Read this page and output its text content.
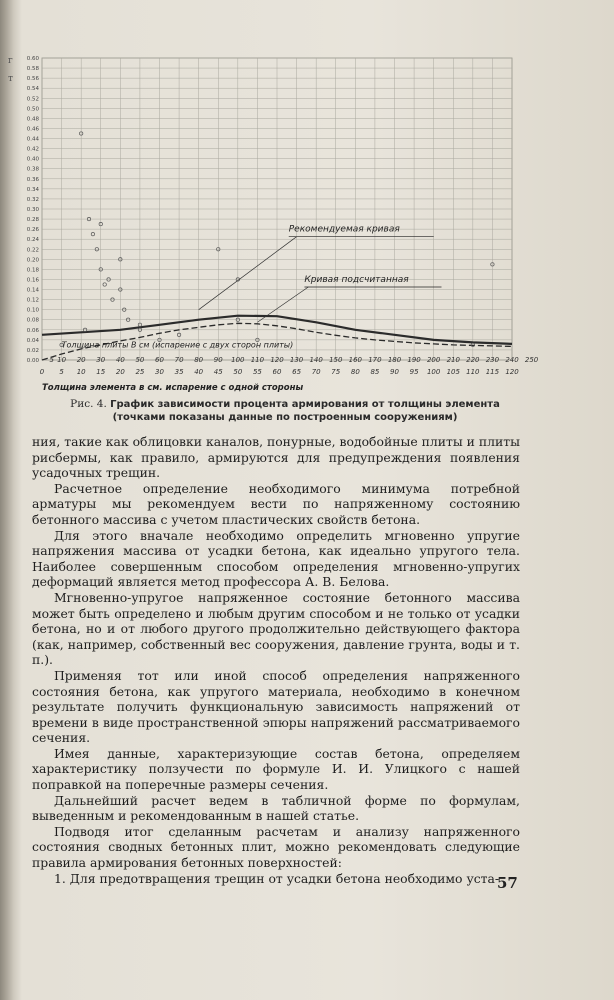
г
т
0.60
0.58
0.56
0.54
0.52
0.50
0.48
0.46
0.44
0.42
0.40
0.38
0.36
0.34
0.32
0.30
0.28
0.26
0.24
0.22
0.20
0.18
0.16
0.14
0.12
0.10
0.08
0.06
0.04
0.02
0.00
0 5 10 15 20 25 30 35 40 45 50 55 60 65 70 75 80 85 90 95 100 105 110 115 120
5 10 20 30 40 50 60 70 80 90 100 110 120 130 140 150 160 170 180 190 200 210 220 230 240 250
Рекомендуемая кривая
Кривая подсчитанная
Толщина плиты В см (испарение с двух сторон плиты)
Толщина элемента в см. испарение с одной стороны
Рис. 4. График зависимости процента армирования от толщины элемента
(точками показаны данные по построенным сооружениям)

ния, такие как облицовки каналов, понурные, водобойные плиты и плиты рисбермы, как правило, армируются для предупреждения появления усадочных трещин.

Расчетное определение необходимого минимума потребной арматуры мы рекомендуем вести по напряженному состоянию бетонного массива с учетом пластических свойств бетона.

Для этого вначале необходимо определить мгновенно упругие напряжения массива от усадки бетона, как идеально упругого тела. Наиболее совершенным способом определения мгновенно-упругих деформаций является метод профессора А. В. Белова.

Мгновенно-упругое напряженное состояние бетонного массива может быть определено и любым другим способом и не только от усадки бетона, но и от любого другого продолжительно действующего фактора (как, например, собственный вес сооружения, давление грунта, воды и т. п.).

Применяя тот или иной способ определения напряженного состояния бетона, как упругого материала, необходимо в конечном результате получить функциональную зависимость напряжений от времени в виде пространственной эпюры напряжений рассматриваемого сечения.

Имея данные, характеризующие состав бетона, определяем характеристику ползучести по формуле И. И. Улицкого с нашей поправкой на поперечные размеры сечения.

Дальнейший расчет ведем в табличной форме по формулам, выведенным и рекомендованным в нашей статье.

Подводя итог сделанным расчетам и анализу напряженного состояния сводных бетонных плит, можно рекомендовать следующие правила армирования бетонных поверхностей:

1. Для предотвращения трещин от усадки бетона необходимо уста-

57
